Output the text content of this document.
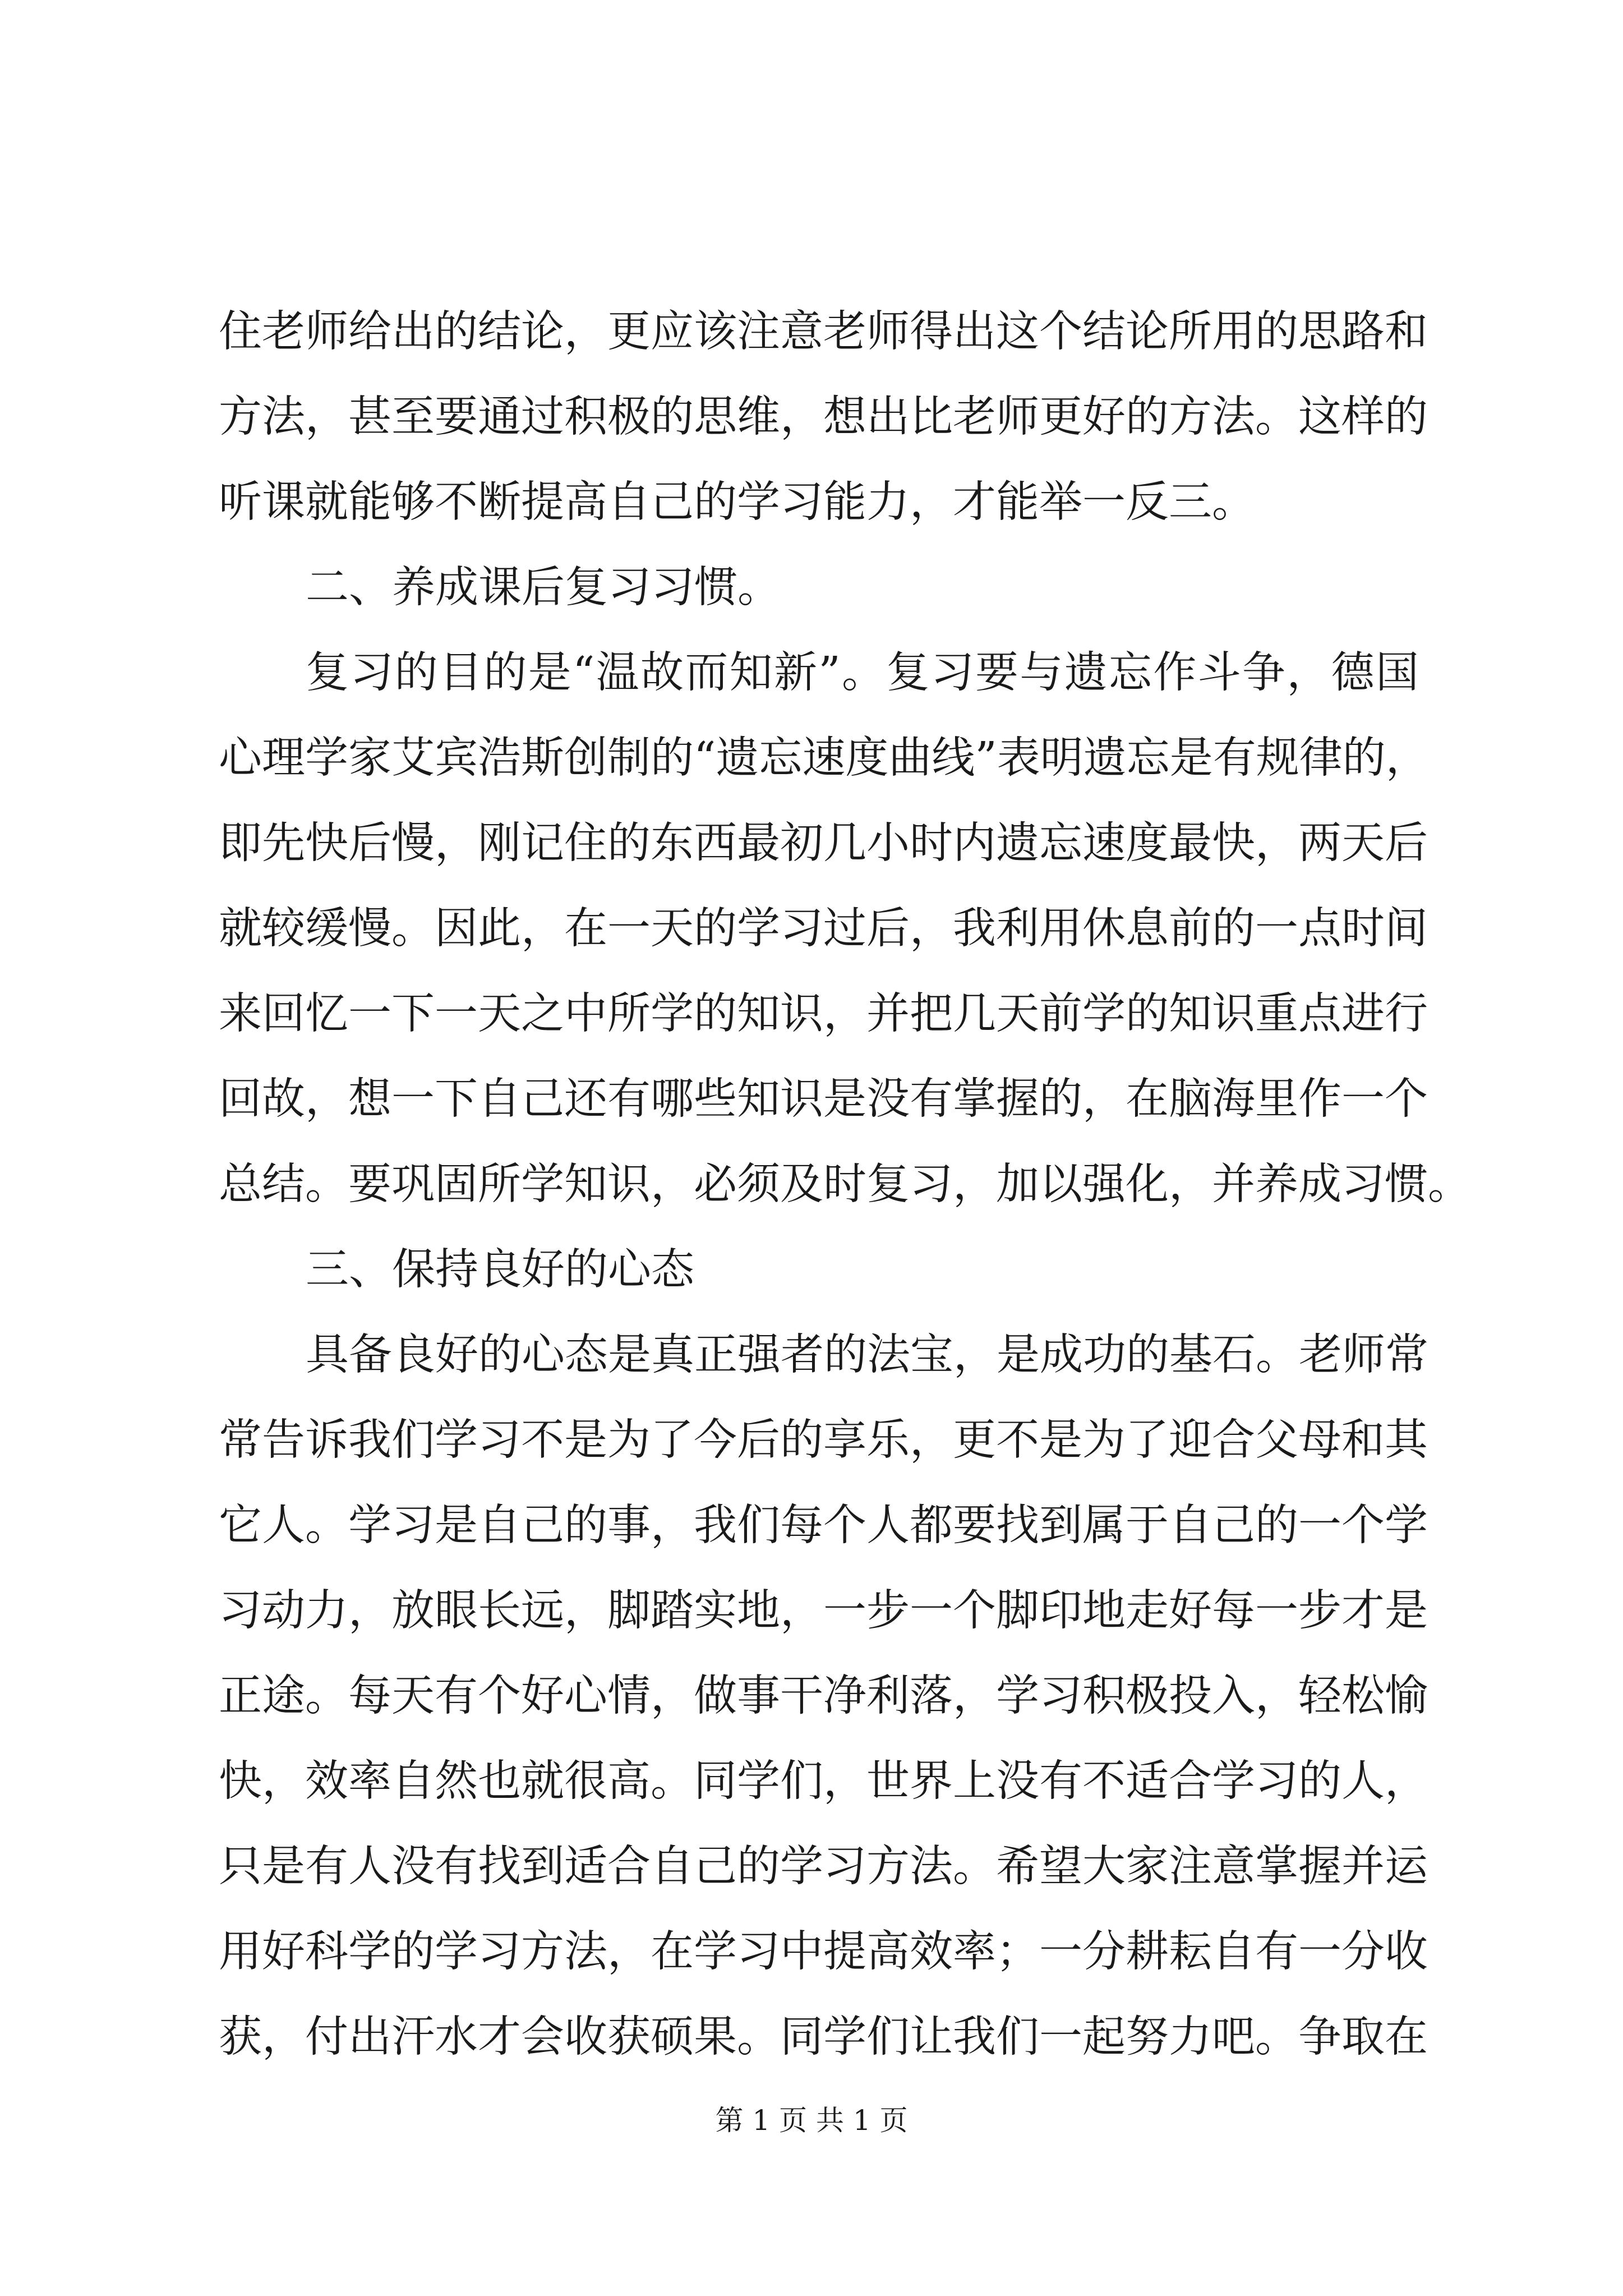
住老师给出的结论，更应该注意老师得出这个结论所用的思路和
方法，甚至要通过积极的思维，想出比老师更好的方法。这样的
听课就能够不断提高自己的学习能力，才能举一反三。
二、养成课后复习习惯。
复习的目的是“温故而知新”。复习要与遗忘作斗争，德国
心理学家艾宾浩斯创制的“遗忘速度曲线”表明遗忘是有规律的，
即先快后慢，刚记住的东西最初几小时内遗忘速度最快，两天后
就较缓慢。因此，在一天的学习过后，我利用休息前的一点时间
来回忆一下一天之中所学的知识，并把几天前学的知识重点进行
回故，想一下自己还有哪些知识是没有掌握的，在脑海里作一个
总结。要巩固所学知识，必须及时复习，加以强化，并养成习惯。
三、保持良好的心态
具备良好的心态是真正强者的法宝，是成功的基石。老师常
常告诉我们学习不是为了今后的享乐，更不是为了迎合父母和其
它人。学习是自己的事，我们每个人都要找到属于自己的一个学
习动力，放眼长远，脚踏实地，一步一个脚印地走好每一步才是
正途。每天有个好心情，做事干净利落，学习积极投入，轻松愉
快，效率自然也就很高。同学们，世界上没有不适合学习的人，
只是有人没有找到适合自己的学习方法。希望大家注意掌握并运
用好科学的学习方法，在学习中提高效率；一分耕耘自有一分收
获，付出汗水才会收获硕果。同学们让我们一起努力吧。争取在
第 1 页 共 1 页
